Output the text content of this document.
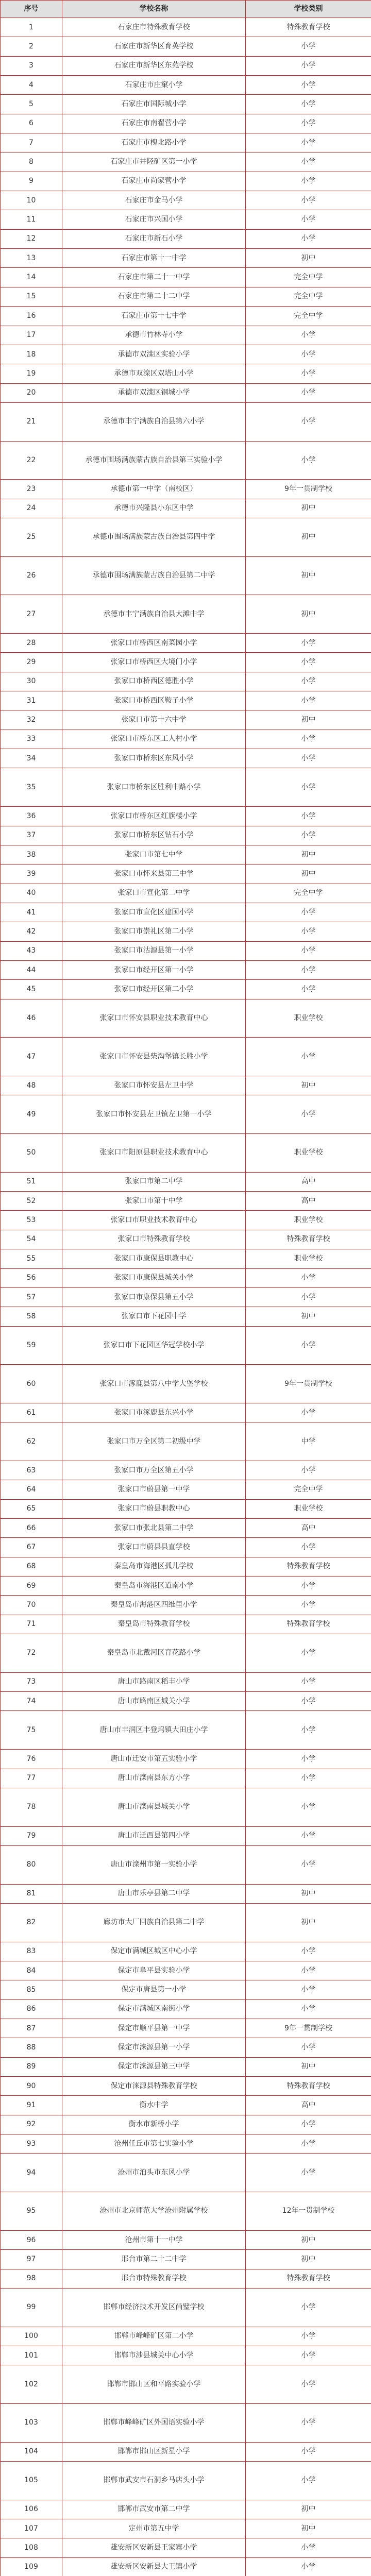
序号	学校名称	学校类别
1	石家庄市特殊教育学校	特殊教育学校
2	石家庄市新华区育英学校	小学
3	石家庄市新华区东苑学校	小学
4	石家庄市庄窠小学	小学
5	石家庄市国际城小学	小学
6	石家庄市南翟营小学	小学
7	石家庄市槐北路小学	小学
8	石家庄市井陉矿区第一小学	小学
9	石家庄市尚家营小学	小学
10	石家庄市金马小学	小学
11	石家庄市兴国小学	小学
12	石家庄市新石小学	小学
13	石家庄市第十一中学	初中
14	石家庄市第二十一中学	完全中学
15	石家庄市第二十二中学	完全中学
16	石家庄市第十七中学	完全中学
17	承德市竹林寺小学	小学
18	承德市双滦区实验小学	小学
19	承德市双滦区双塔山小学	小学
20	承德市双滦区钢城小学	小学
21	承德市丰宁满族自治县第六小学	小学
22	承德市围场满族蒙古族自治县第三实验小学	小学
23	承德市第一中学（南校区）	9年一贯制学校
24	承德市兴隆县小东区中学	初中
25	承德市围场满族蒙古族自治县第四中学	初中
26	承德市围场满族蒙古族自治县第二中学	初中
27	承德市丰宁满族自治县大滩中学	初中
28	张家口市桥西区南菜园小学	小学
29	张家口市桥西区大境门小学	小学
30	张家口市桥西区德胜小学	小学
31	张家口市桥西区鞍子小学	小学
32	张家口市第十六中学	初中
33	张家口市桥东区工人村小学	小学
34	张家口市桥东区东风小学	小学
35	张家口市桥东区胜利中路小学	小学
36	张家口市桥东区红旗楼小学	小学
37	张家口市桥东区钻石小学	小学
38	张家口市第七中学	初中
39	张家口市怀来县第三中学	初中
40	张家口市宣化第二中学	完全中学
41	张家口市宣化区建国小学	小学
42	张家口市崇礼区第二小学	小学
43	张家口市沽源县第一小学	小学
44	张家口市经开区第一小学	小学
45	张家口市经开区第二小学	小学
46	张家口市怀安县职业技术教育中心	职业学校
47	张家口市怀安县柴沟堡镇长胜小学	小学
48	张家口市怀安县左卫中学	初中
49	张家口市怀安县左卫镇左卫第一小学	小学
50	张家口市阳原县职业技术教育中心	职业学校
51	张家口市第二中学	高中
52	张家口市第十中学	高中
53	张家口市职业技术教育中心	职业学校
54	张家口市特殊教育学校	特殊教育学校
55	张家口市康保县职教中心	职业学校
56	张家口市康保县城关小学	小学
57	张家口市康保县第五小学	小学
58	张家口市下花园中学	初中
59	张家口市下花园区华冠学校小学	小学
60	张家口市涿鹿县第八中学大堡学校	9年一贯制学校
61	张家口市涿鹿县东兴小学	小学
62	张家口市万全区第二初级中学	中学
63	张家口市万全区第五小学	小学
64	张家口市蔚县第一中学	完全中学
65	张家口市蔚县职教中心	职业学校
66	张家口市张北县第二中学	高中
67	张家口市蔚县县直学校	小学
68	秦皇岛市海港区孤儿学校	特殊教育学校
69	秦皇岛市海港区道南小学	小学
70	秦皇岛市海港区四维里小学	小学
71	秦皇岛市特殊教育学校	特殊教育学校
72	秦皇岛市北戴河区育花路小学	小学
73	唐山市路南区稻丰小学	小学
74	唐山市路南区城关小学	小学
75	唐山市丰润区丰登坞镇大田庄小学	小学
76	唐山市迁安市第五实验小学	小学
77	唐山市滦南县东方小学	小学
78	唐山市滦南县城关小学	小学
79	唐山市迁西县第四小学	小学
80	唐山市滦州市第一实验小学	小学
81	唐山市乐亭县第二中学	初中
82	廊坊市大厂回族自治县第二中学	初中
83	保定市满城区城区中心小学	小学
84	保定市阜平县实验小学	小学
85	保定市唐县第一小学	小学
86	保定市满城区南街小学	小学
87	保定市顺平县第一中学	9年一贯制学校
88	保定市涞源县第一小学	小学
89	保定市涞源县第三中学	初中
90	保定市涞源县特殊教育学校	特殊教育学校
91	衡水中学	高中
92	衡水市新桥小学	小学
93	沧州任丘市第七实验小学	小学
94	沧州市泊头市东风小学	小学
95	沧州市北京师范大学沧州附属学校	12年一贯制学校
96	沧州市第十一中学	初中
97	邢台市第二十二中学	初中
98	邢台市特殊教育学校	特殊教育学校
99	邯郸市经济技术开发区尚璧学校	小学
100	邯郸市峰峰矿区第二小学	小学
101	邯郸市涉县城关中心小学	小学
102	邯郸市邯山区和平路实验小学	小学
103	邯郸市峰峰矿区外国语实验小学	小学
104	邯郸市邯山区新星小学	小学
105	邯郸市武安市石洞乡马店头小学	小学
106	邯郸市武安市第二中学	初中
107	定州市第五中学	初中
108	雄安新区安新县王家寨小学	小学
109	雄安新区安新县大王镇小学	小学
